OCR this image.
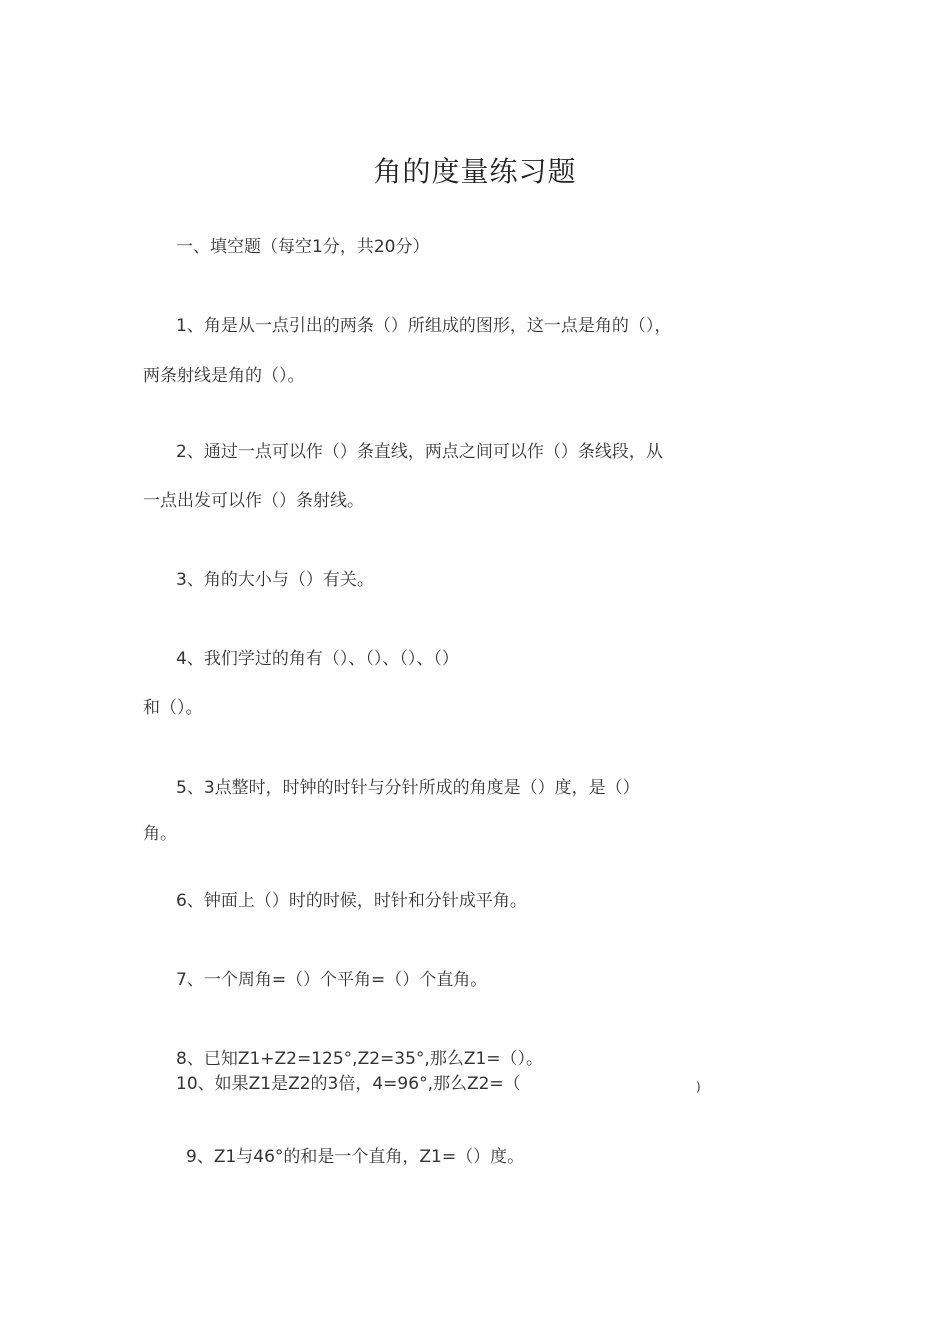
角的度量练习题
一、填空题（每空1分，共20分）
1、角是从一点引出的两条（）所组成的图形，这一点是角的（），
两条射线是角的（）。
2、通过一点可以作（）条直线，两点之间可以作（）条线段，从
一点出发可以作（）条射线。
3、角的大小与（）有关。
4、我们学过的角有（）、（）、（）、（）
和（）。
5、3点整时，时钟的时针与分针所成的角度是（）度，是（）
角。
6、钟面上（）时的时候，时针和分针成平角。
7、一个周角=（）个平角=（）个直角。
8、已知Z1+Z2=125°,Z2=35°,那么Z1=（）。
10、如果Z1是Z2的3倍，4=96°,那么Z2=（	)
9、Z1与46°的和是一个直角，Z1=（）度。
